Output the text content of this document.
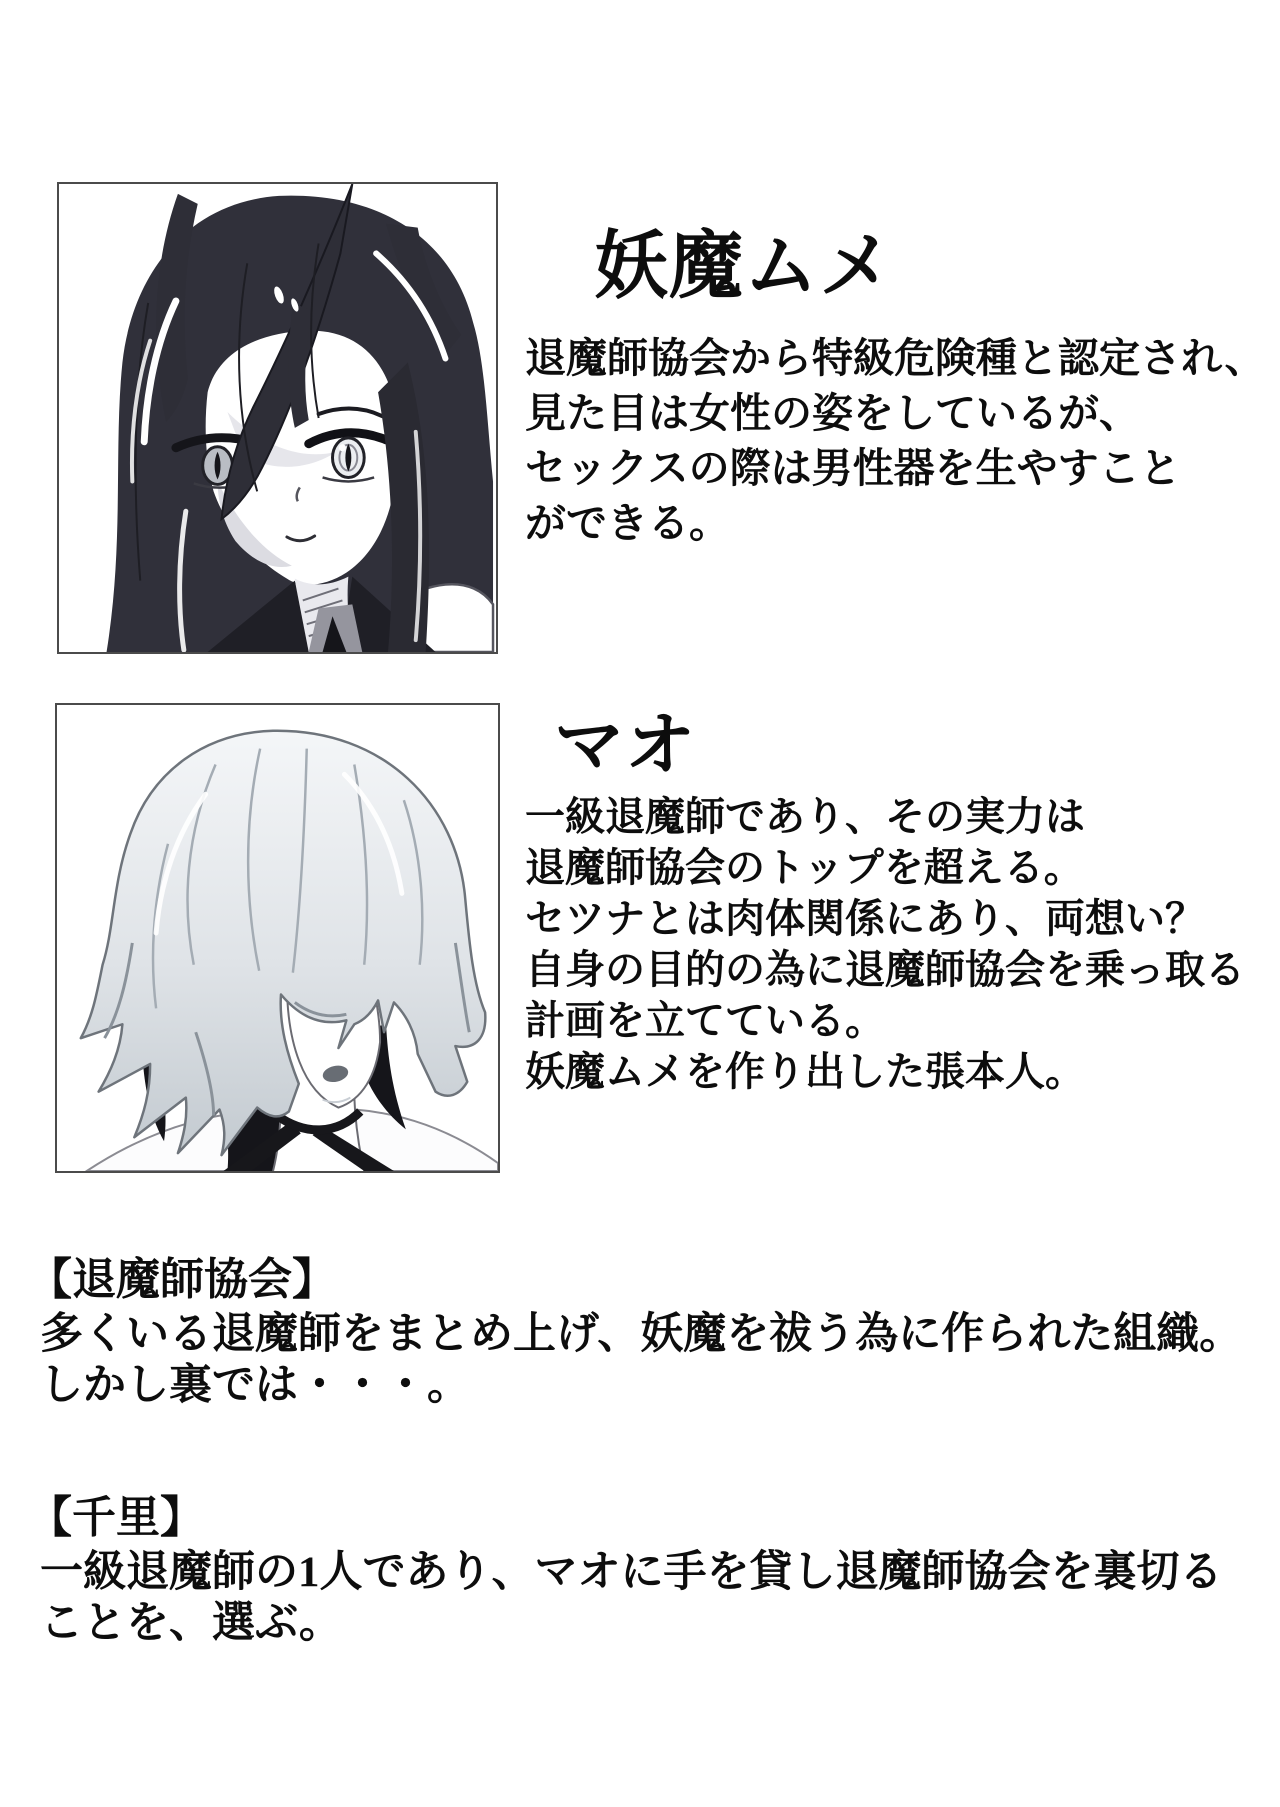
妖魔ムメ
退魔師協会から特級危険種と認定され、
見た目は女性の姿をしているが、
セックスの際は男性器を生やすこと
ができる。
マオ
一級退魔師であり、その実力は
退魔師協会のトップを超える。
セツナとは肉体関係にあり、両想い？
自身の目的の為に退魔師協会を乗っ取る
計画を立てている。
妖魔ムメを作り出した張本人。
【退魔師協会】
多くいる退魔師をまとめ上げ、妖魔を祓う為に作られた組織。
しかし裏では・・・。
【千里】
一級退魔師の1人であり、マオに手を貸し退魔師協会を裏切る
ことを、選ぶ。
